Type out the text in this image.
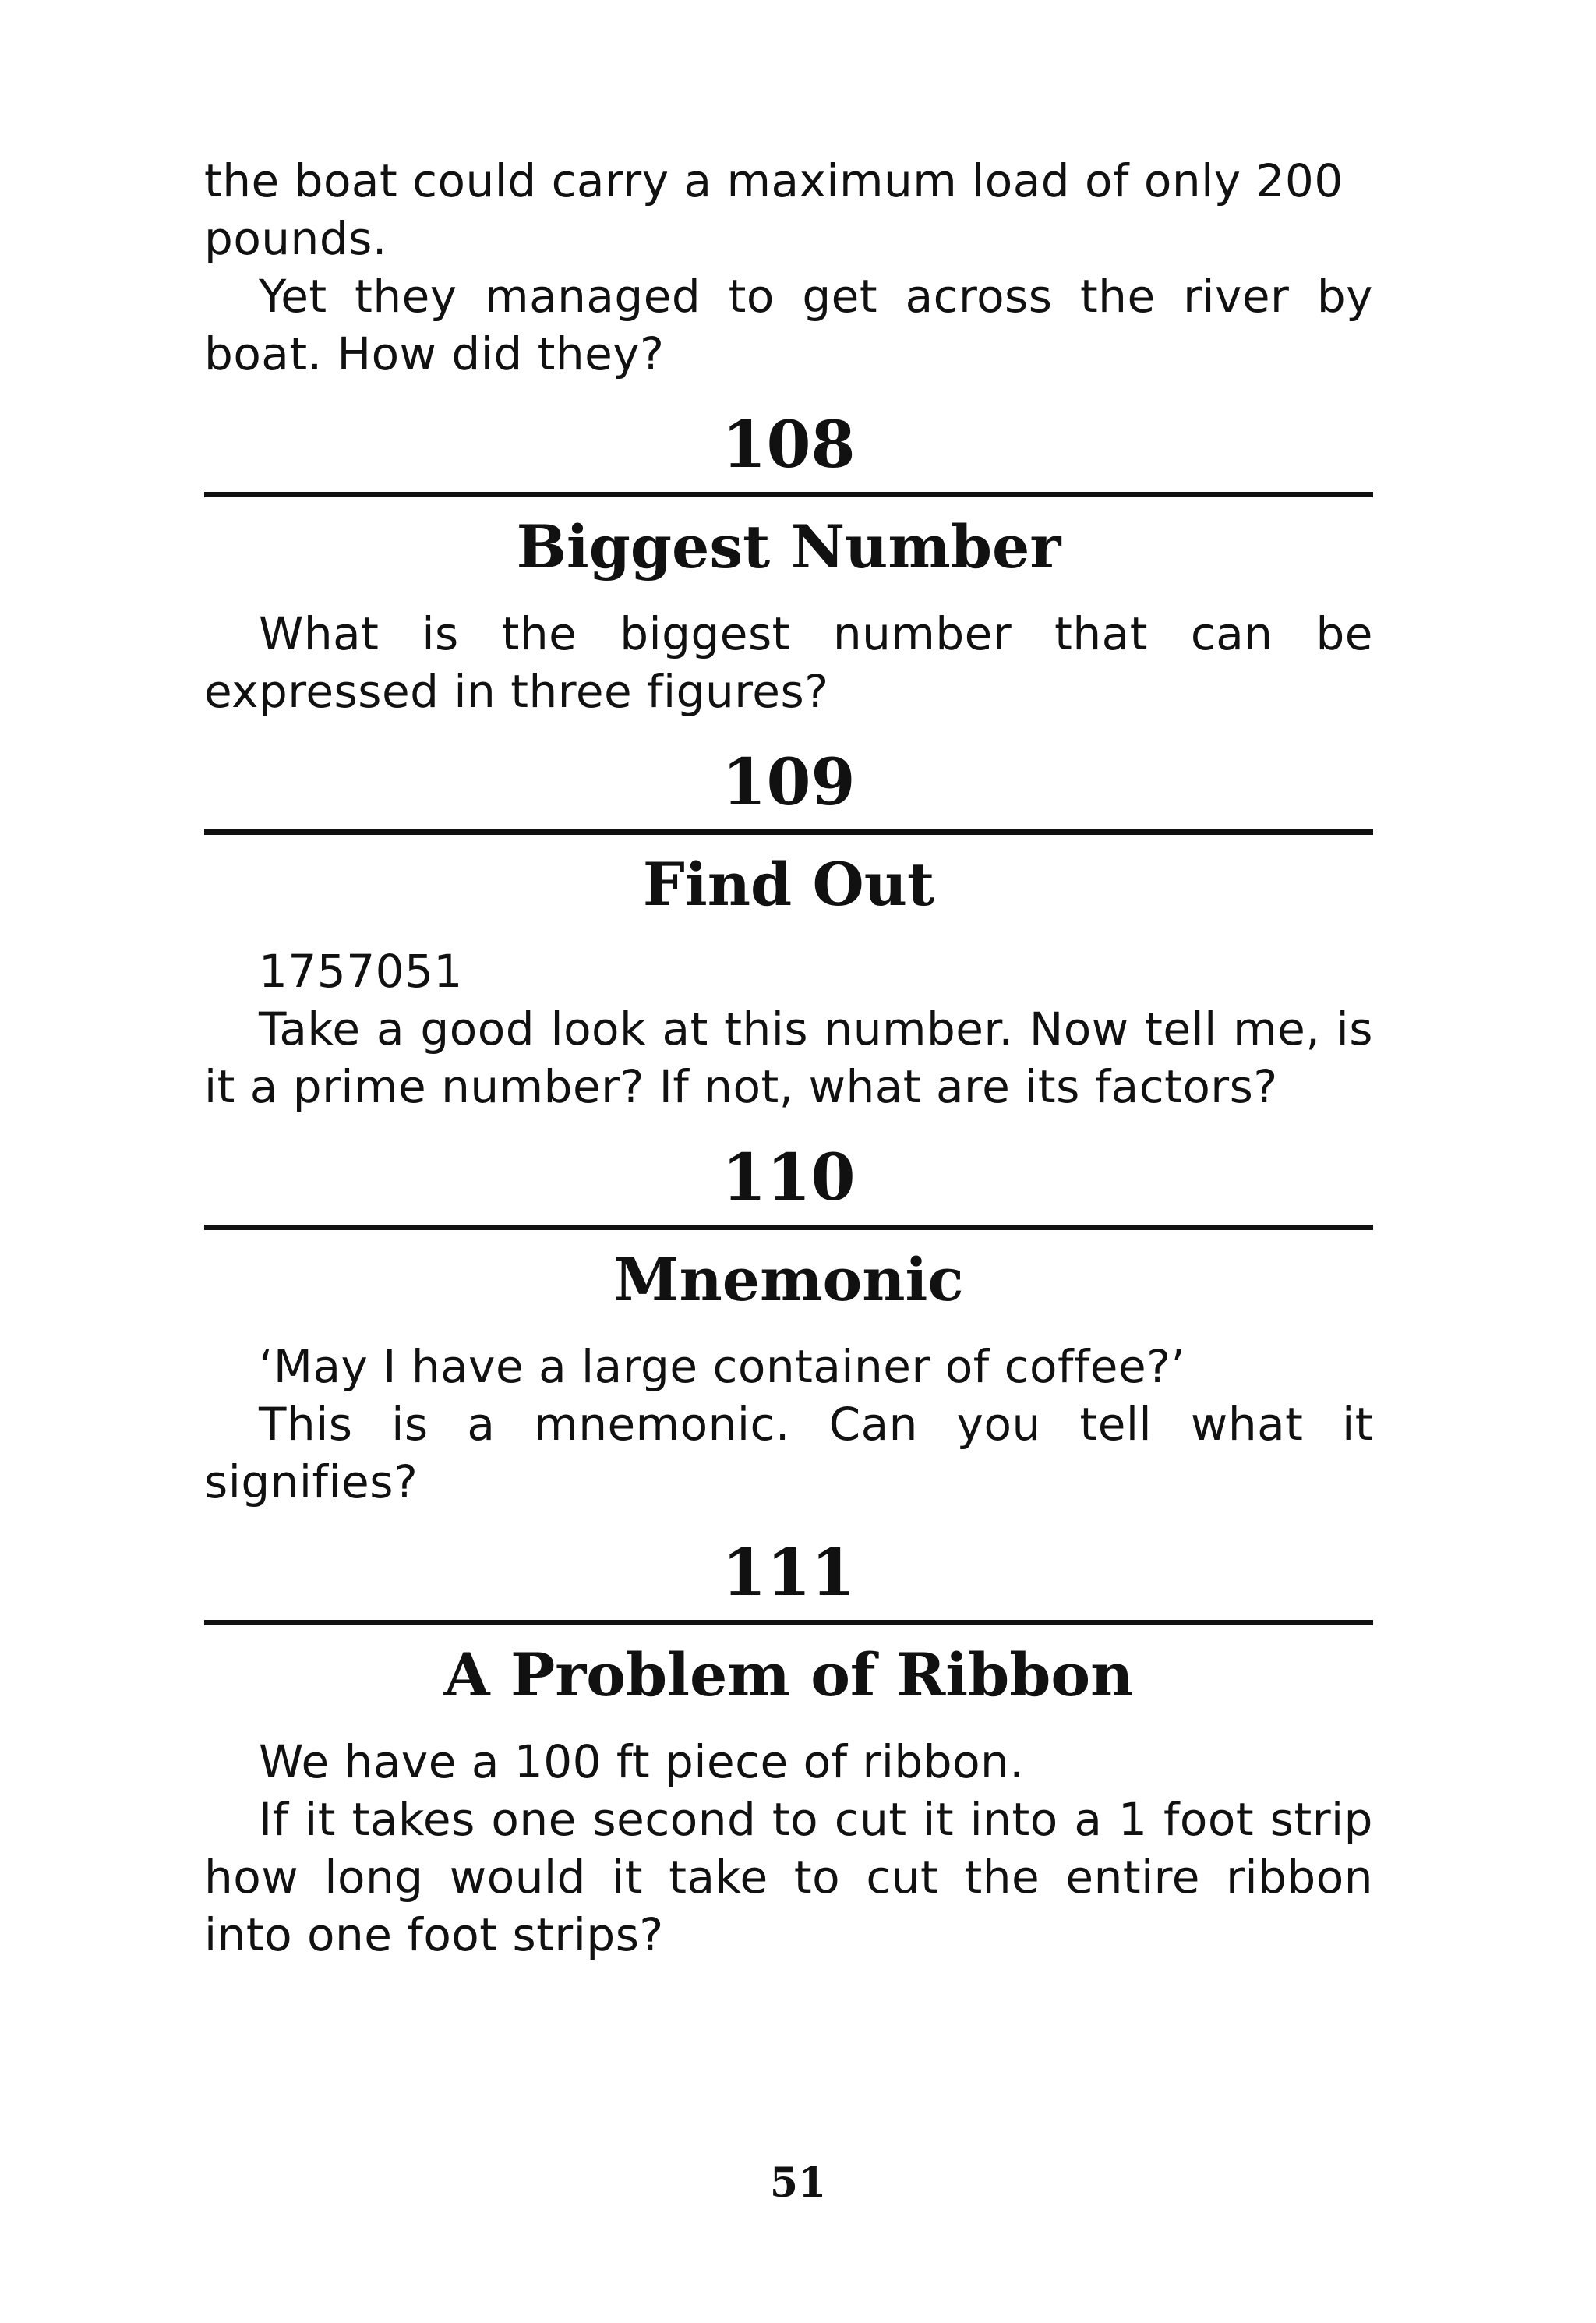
the boat could carry a maximum load of only 200 pounds.

Yet they managed to get across the river by boat. How did they?

108
Biggest Number

What is the biggest number that can be expressed in three figures?

109
Find Out

1757051

Take a good look at this number. Now tell me, is it a prime number? If not, what are its factors?

110
Mnemonic

‘May I have a large container of coffee?’

This is a mnemonic. Can you tell what it signifies?

111
A Problem of Ribbon

We have a 100 ft piece of ribbon.

If it takes one second to cut it into a 1 foot strip how long would it take to cut the entire ribbon into one foot strips?

51
